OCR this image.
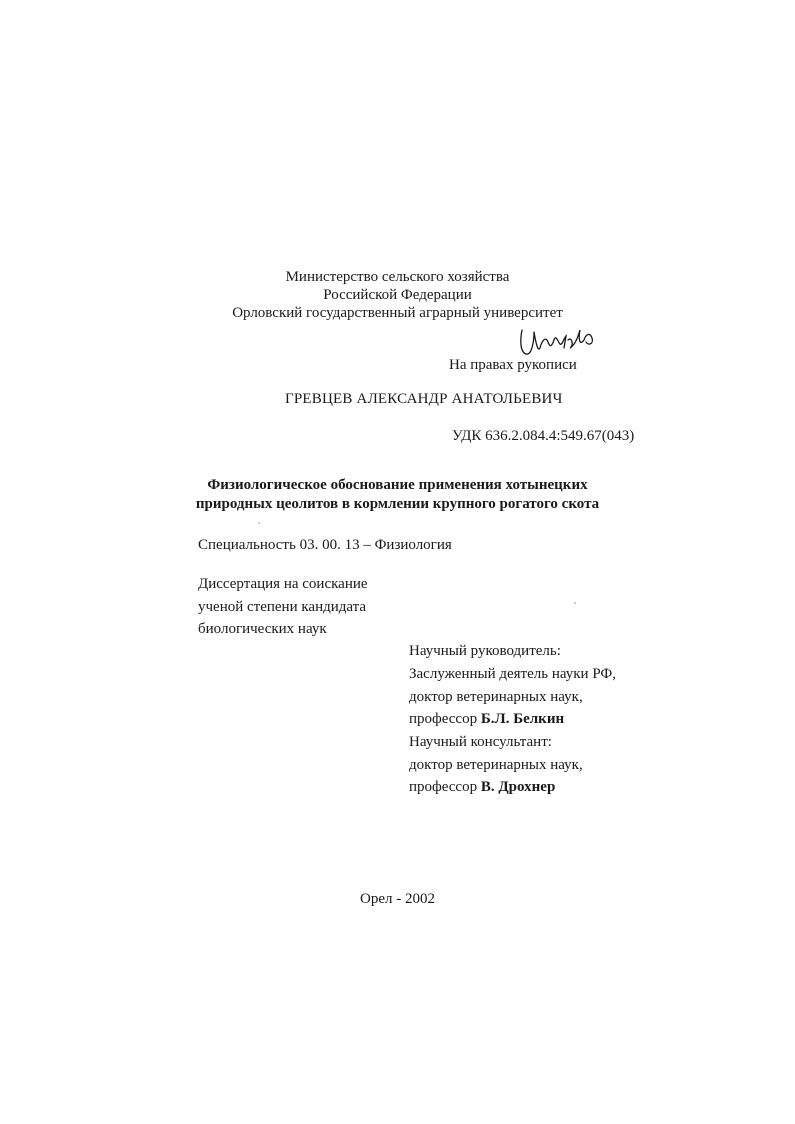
Министерство сельского хозяйства
Российской Федерации
Орловский государственный аграрный университет
На правах рукописи
ГРЕВЦЕВ АЛЕКСАНДР АНАТОЛЬЕВИЧ
УДК 636.2.084.4:549.67(043)
Физиологическое обоснование применения хотынецких
природных цеолитов в кормлении крупного рогатого скота
Специальность 03. 00. 13 – Физиология
Диссертация на соискание
ученой степени кандидата
биологических наук
Научный руководитель:
Заслуженный деятель науки РФ,
доктор ветеринарных наук,
профессор Б.Л. Белкин
Научный консультант:
доктор ветеринарных наук,
профессор В. Дрохнер
Орел - 2002
